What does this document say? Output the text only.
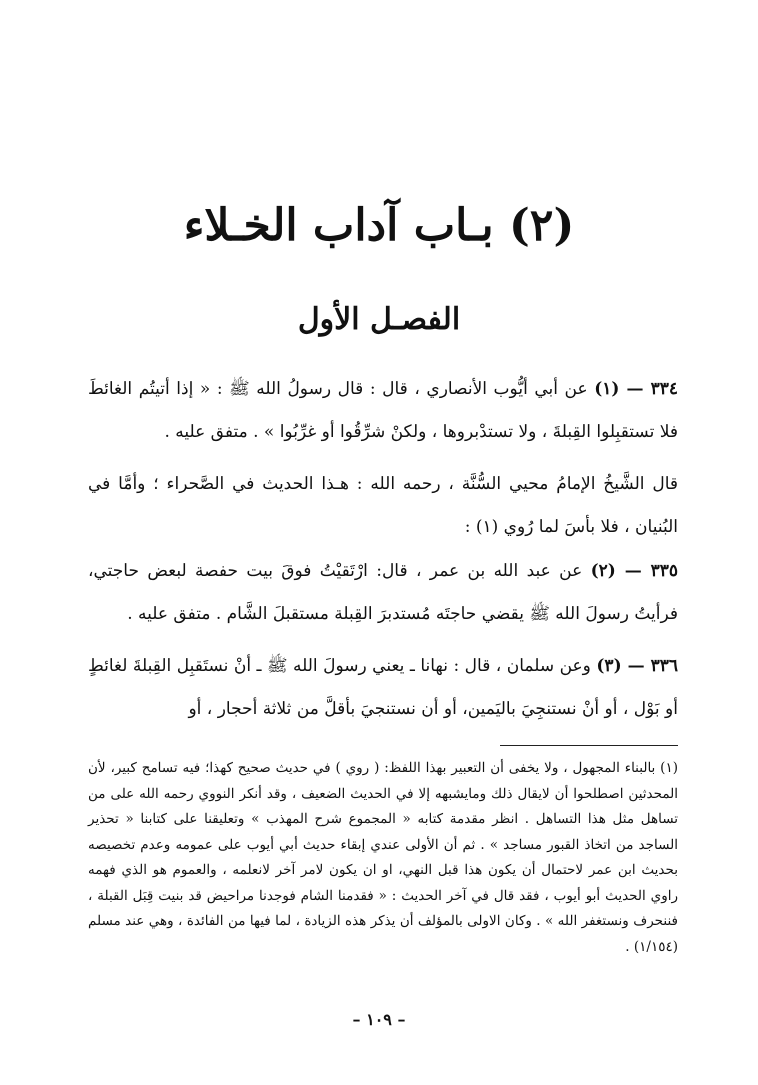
(٢) بـاب آداب الخـلاء
الفصـل الأول
٣٣٤ — (١) عن أبي أيُّوب الأنصاري ، قال : قال رسولُ الله ﷺ : « إذا أتيتُم الغائطَ فلا تستقبِلوا القِبلةَ ، ولا تستدْبروها ، ولكنْ شرِّقُوا أو غرِّبُوا » . متفق عليه .
قال الشَّيخُ الإمامُ محيي السُّنَّة ، رحمه الله : هـذا الحديث في الصَّحراء ؛ وأمَّا في البُنيان ، فلا بأسَ لما رُوي (١) :
٣٣٥ — (٢) عن عبد الله بن عمر ، قال: ارْتَقيْتُ فوقَ بيت حفصة لبعض حاجتي، فرأيتُ رسولَ الله ﷺ يقضي حاجتَه مُستدبرَ القِبلة مستقبلَ الشَّام . متفق عليه .
٣٣٦ — (٣) وعن سلمان ، قال : نهانا ـ يعني رسولَ الله ﷺ ـ أنْ نستَقبِل القِبلةَ لغائطٍ أو بَوْل ، أو أنْ نستنجِيَ باليَمين، أو أن نستنجيَ بأقلَّ من ثلاثة أحجار ، أو
(١) بالبناء المجهول ، ولا يخفى أن التعبير بهذا اللفظ: ( روي ) في حديث صحيح كهذا؛ فيه تسامح كبير، لأن المحدثين اصطلحوا أن لايقال ذلك ومايشبهه إلا في الحديث الضعيف ، وقد أنكر النووي رحمه الله على من تساهل مثل هذا التساهل . انظر مقدمة كتابه « المجموع شرح المهذب » وتعليقنا على كتابنا « تحذير الساجد من اتخاذ القبور مساجد » . ثم أن الأولى عندي إبقاء حديث أبي أيوب على عمومه وعدم تخصيصه بحديث ابن عمر لاحتمال أن يكون هذا قبل النهي، او ان يكون لامر آخر لانعلمه ، والعموم هو الذي فهمه راوي الحديث أبو أيوب ، فقد قال في آخر الحديث : « فقدمنا الشام فوجدنا مراحيض قد بنيت قِبَل القبلة ، فننحرف ونستغفر الله » . وكان الاولى بالمؤلف أن يذكر هذه الزيادة ، لما فيها من الفائدة ، وهي عند مسلم (١/١٥٤) .
– ١٠٩ –
